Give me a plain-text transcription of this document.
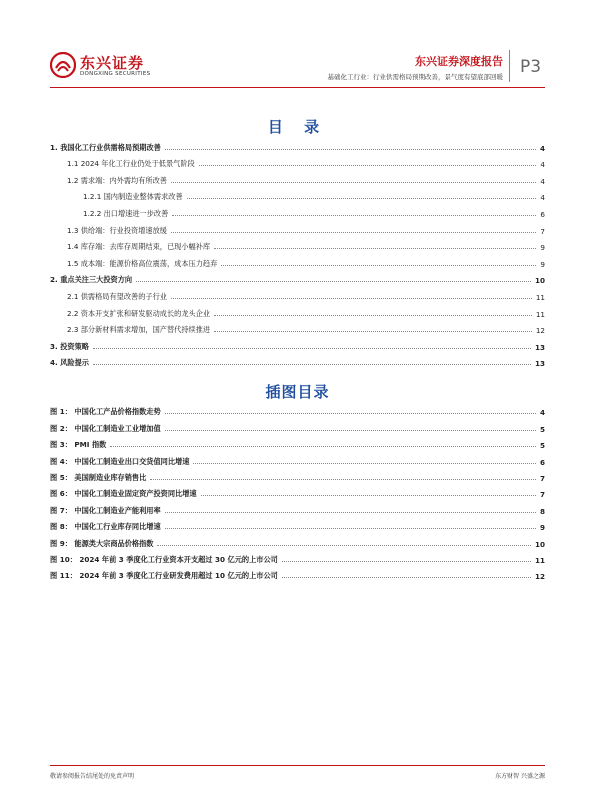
东兴证券
DONGXING SECURITIES
东兴证券深度报告
基础化工行业：行业供需格局预期改善，景气度有望底部回暖 P3
目 录
1. 我国化工行业供需格局预期改善	4
1.1 2024 年化工行业仍处于低景气阶段	4
1.2 需求端：内外需均有所改善	4
1.2.1 国内制造业整体需求改善	4
1.2.2 出口增速进一步改善	6
1.3 供给端：行业投资增速放缓	7
1.4 库存端：去库存周期结束，已现小幅补库	9
1.5 成本端：能源价格高位震荡，成本压力趋弃	9
2. 重点关注三大投资方向	10
2.1 供需格局有望改善的子行业	11
2.2 资本开支扩张和研发驱动成长的龙头企业	11
2.3 部分新材料需求增加，国产替代持续推进	12
3. 投资策略	13
4. 风险提示	13
插图目录
图 1： 中国化工产品价格指数走势	4
图 2： 中国化工制造业工业增加值	5
图 3： PMI 指数	5
图 4： 中国化工制造业出口交货值同比增速	6
图 5： 美国制造业库存销售比	7
图 6： 中国化工制造业固定资产投资同比增速	7
图 7： 中国化工制造业产能利用率	8
图 8： 中国化工行业库存同比增速	9
图 9： 能源类大宗商品价格指数	10
图 10： 2024 年前 3 季度化工行业资本开支超过 30 亿元的上市公司	11
图 11： 2024 年前 3 季度化工行业研发费用超过 10 亿元的上市公司	12
敬请参阅报告结尾处的免责声明	东方财智 兴盛之源
